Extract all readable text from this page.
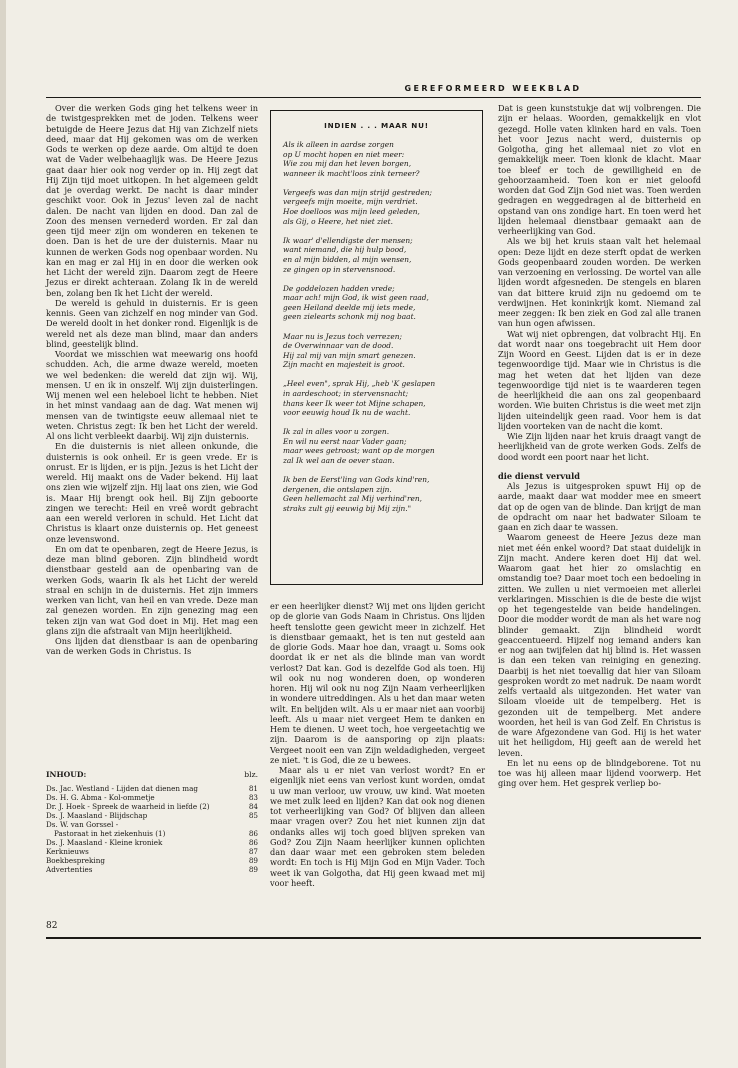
GEREFORMEERD WEEKBLAD

Over die werken Gods ging het telkens weer in de twistgesprekken met de joden. Telkens weer betuigde de Heere Jezus dat Hij van Zichzelf niets deed, maar dat Hij gekomen was om de werken Gods te werken op deze aarde. Om altijd te doen wat de Vader welbehaaglijk was. De Heere Jezus gaat daar hier ook nog verder op in. Hij zegt dat Hij Zijn tijd moet uitkopen. In het algemeen geldt dat je overdag werkt. De nacht is daar minder geschikt voor. Ook in Jezus' leven zal de nacht dalen. De nacht van lijden en dood. Dan zal de Zoon des mensen vernederd worden. Er zal dan geen tijd meer zijn om wonderen en tekenen te doen. Dan is het de ure der duisternis. Maar nu kunnen de werken Gods nog openbaar worden. Nu kan en mag er zal Hij in en door die werken ook het Licht der wereld zijn. Daarom zegt de Heere Jezus er direkt achteraan. Zolang Ik in de wereld ben, zolang ben Ik het Licht der wereld.

De wereld is gehuld in duisternis. Er is geen kennis. Geen van zichzelf en nog minder van God. De wereld doolt in het donker rond. Eigenlijk is de wereld net als deze man blind, maar dan anders blind, geestelijk blind.

Voordat we misschien wat meewarig ons hoofd schudden. Ach, die arme dwaze wereld, moeten we wel bedenken: die wereld dat zijn wij. Wij, mensen. U en ik in onszelf. Wij zijn duisterlingen. Wij menen wel een heleboel licht te hebben. Niet in het minst vandaag aan de dag. Wat menen wij mensen van de twintigste eeuw allemaal niet te weten. Christus zegt: Ik ben het Licht der wereld. Al ons licht verbleekt daarbij. Wij zijn duisternis.

En die duisternis is niet alleen onkunde, die duisternis is ook onheil. Er is geen vrede. Er is onrust. Er is lijden, er is pijn. Jezus is het Licht der wereld. Hij maakt ons de Vader bekend. Hij laat ons zien wie wijzelf zijn. Hij laat ons zien, wie God is. Maar Hij brengt ook heil. Bij Zijn geboorte zingen we terecht: Heil en vreê wordt gebracht aan een wereld verloren in schuld. Het Licht dat Christus is klaart onze duisternis op. Het geneest onze levenswond.

En om dat te openbaren, zegt de Heere Jezus, is deze man blind geboren. Zijn blindheid wordt dienstbaar gesteld aan de openbaring van de werken Gods, waarin Ik als het Licht der wereld straal en schijn in de duisternis. Het zijn immers werken van licht, van heil en van vrede. Deze man zal genezen worden. En zijn genezing mag een teken zijn van wat God doet in Mij. Het mag een glans zijn die afstraalt van Mijn heerlijkheid.

Ons lijden dat dienstbaar is aan de openbaring van de werken Gods in Christus. Is

INDIEN . . . MAAR NU!
Als ik alleen in aardse zorgen
op U mocht hopen en niet meer:
Wie zou mij dan het leven borgen,
wanneer ik macht'loos zink terneer?
Vergeefs was dan mijn strijd gestreden;
vergeefs mijn moeite, mijn verdriet.
Hoe doelloos was mijn leed geleden,
als Gij, o Heere, het niet ziet.
Ik waar' d'ellendigste der mensen;
want niemand, die hij hulp bood,
en al mijn bidden, al mijn wensen,
ze gingen op in stervensnood.
De goddelozen hadden vrede;
maar ach! mijn God, ik wist geen raad,
geen Heiland deelde mij iets mede,
geen zielearts schonk mij nog baat.
Maar nu is Jezus toch verrezen;
de Overwinnaar van de dood.
Hij zal mij van mijn smart genezen.
Zijn macht en majesteit is groot.
„Heel even", sprak Hij, „heb 'K geslapen
in aardeschoot; in stervensnacht;
thans keer Ik weer tot Mijne schapen,
voor eeuwig houd Ik nu de wacht.
Ik zal in alles voor u zorgen.
En wil nu eerst naar Vader gaan;
maar wees getroost; want op de morgen
zal Ik wel aan de oever staan.
Ik ben de Eerst'ling van Gods kind'ren,
dergenen, die ontslapen zijn.
Geen hellemacht zal Mij verhind'ren,
straks zult gij eeuwig bij Mij zijn."

er een heerlijker dienst? Wij met ons lijden gericht op de glorie van Gods Naam in Christus. Ons lijden heeft tenslotte geen gewicht meer in zichzelf. Het is dienstbaar gemaakt, het is ten nut gesteld aan de glorie Gods. Maar hoe dan, vraagt u. Soms ook doordat ik er net als die blinde man van wordt verlost? Dat kan. God is dezelfde God als toen. Hij wil ook nu nog wonderen doen, op wonderen horen. Hij wil ook nu nog Zijn Naam verheerlijken in wondere uitreddingen. Als u het dan maar weten wilt. En belijden wilt. Als u er maar niet aan voorbij leeft. Als u maar niet vergeet Hem te danken en Hem te dienen. U weet toch, hoe vergeetachtig we zijn. Daarom is de aansporing op zijn plaats: Vergeet nooit een van Zijn weldadigheden, vergeet ze niet. 't is God, die ze u bewees.

Maar als u er niet van verlost wordt? En er eigenlijk niet eens van verlost kunt worden, omdat u uw man verloor, uw vrouw, uw kind. Wat moeten we met zulk leed en lijden? Kan dat ook nog dienen tot verheerlijking van God? Of blijven dan alleen maar vragen over? Zou het niet kunnen zijn dat ondanks alles wij toch goed blijven spreken van God? Zou Zijn Naam heerlijker kunnen oplichten dan daar waar met een gebroken stem beleden wordt: En toch is Hij Mijn God en Mijn Vader. Toch weet ik van Golgotha, dat Hij geen kwaad met mij voor heeft.

Dat is geen kunststukje dat wij volbrengen. Die zijn er helaas. Woorden, gemakkelijk en vlot gezegd. Holle vaten klinken hard en vals. Toen het voor Jezus nacht werd, duisternis op Golgotha, ging het allemaal niet zo vlot en gemakkelijk meer. Toen klonk de klacht. Maar toe bleef er toch de gewilligheid en de gehoorzaamheid. Toen kon er niet geloofd worden dat God Zijn God niet was. Toen werden gedragen en weggedragen al de bitterheid en opstand van ons zondige hart. En toen werd het lijden helemaal dienstbaar gemaakt aan de verheerlijking van God.

Als we bij het kruis staan valt het helemaal open: Deze lijdt en deze sterft opdat de werken Gods geopenbaard zouden worden. De werken van verzoening en verlossing. De wortel van alle lijden wordt afgesneden. De stengels en blaren van dat bittere kruid zijn nu gedoemd om te verdwijnen. Het koninkrijk komt. Niemand zal meer zeggen: Ik ben ziek en God zal alle tranen van hun ogen afwissen.

Wat wij niet opbrengen, dat volbracht Hij. En dat wordt naar ons toegebracht uit Hem door Zijn Woord en Geest. Lijden dat is er in deze tegenwoordige tijd. Maar wie in Christus is die mag het weten dat het lijden van deze tegenwoordige tijd niet is te waarderen tegen de heerlijkheid die aan ons zal geopenbaard worden. Wie buiten Christus is die weet met zijn lijden uiteindelijk geen raad. Voor hem is dat lijden voorteken van de nacht die komt.

Wie Zijn lijden naar het kruis draagt vangt de heerlijkheid van de grote werken Gods. Zelfs de dood wordt een poort naar het licht.

die dienst vervuld

Als Jezus is uitgesproken spuwt Hij op de aarde, maakt daar wat modder mee en smeert dat op de ogen van de blinde. Dan krijgt de man de opdracht om naar het badwater Siloam te gaan en zich daar te wassen.

Waarom geneest de Heere Jezus deze man niet met één enkel woord? Dat staat duidelijk in Zijn macht. Andere keren doet Hij dat wel. Waarom gaat het hier zo omslachtig en omstandig toe? Daar moet toch een bedoeling in zitten. We zullen u niet vermoeien met allerlei verklaringen. Misschien is die de beste die wijst op het tegengestelde van beide handelingen. Door die modder wordt de man als het ware nog blinder gemaakt. Zijn blindheid wordt geaccentueerd. Hijzelf nog iemand anders kan er nog aan twijfelen dat hij blind is. Het wassen is dan een teken van reiniging en genezing. Daarbij is het niet toevallig dat hier van Siloam gesproken wordt zo met nadruk. De naam wordt zelfs vertaald als uitgezonden. Het water van Siloam vloeide uit de tempelberg. Het is gezonden uit de tempelberg. Met andere woorden, het heil is van God Zelf. En Christus is de ware Afgezondene van God. Hij is het water uit het heiligdom, Hij geeft aan de wereld het leven.

En let nu eens op de blindgeborene. Tot nu toe was hij alleen maar lijdend voorwerp. Het ging over hem. Het gesprek verliep bo-

INHOUD:	blz.
Ds. Jac. Westland - Lijden dat dienen mag	81
Ds. H. G. Abma - Kol-ommetje	83
Dr. J. Hoek - Spreek de waarheid in liefde (2)	84
Ds. J. Maasland - Blijdschap	85
Ds. W. van Gorssel -
Pastoraat in het ziekenhuis (1)	86
Ds. J. Maasland - Kleine kroniek	86
Kerknieuws	87
Boekbespreking	89
Advertenties	89
82
